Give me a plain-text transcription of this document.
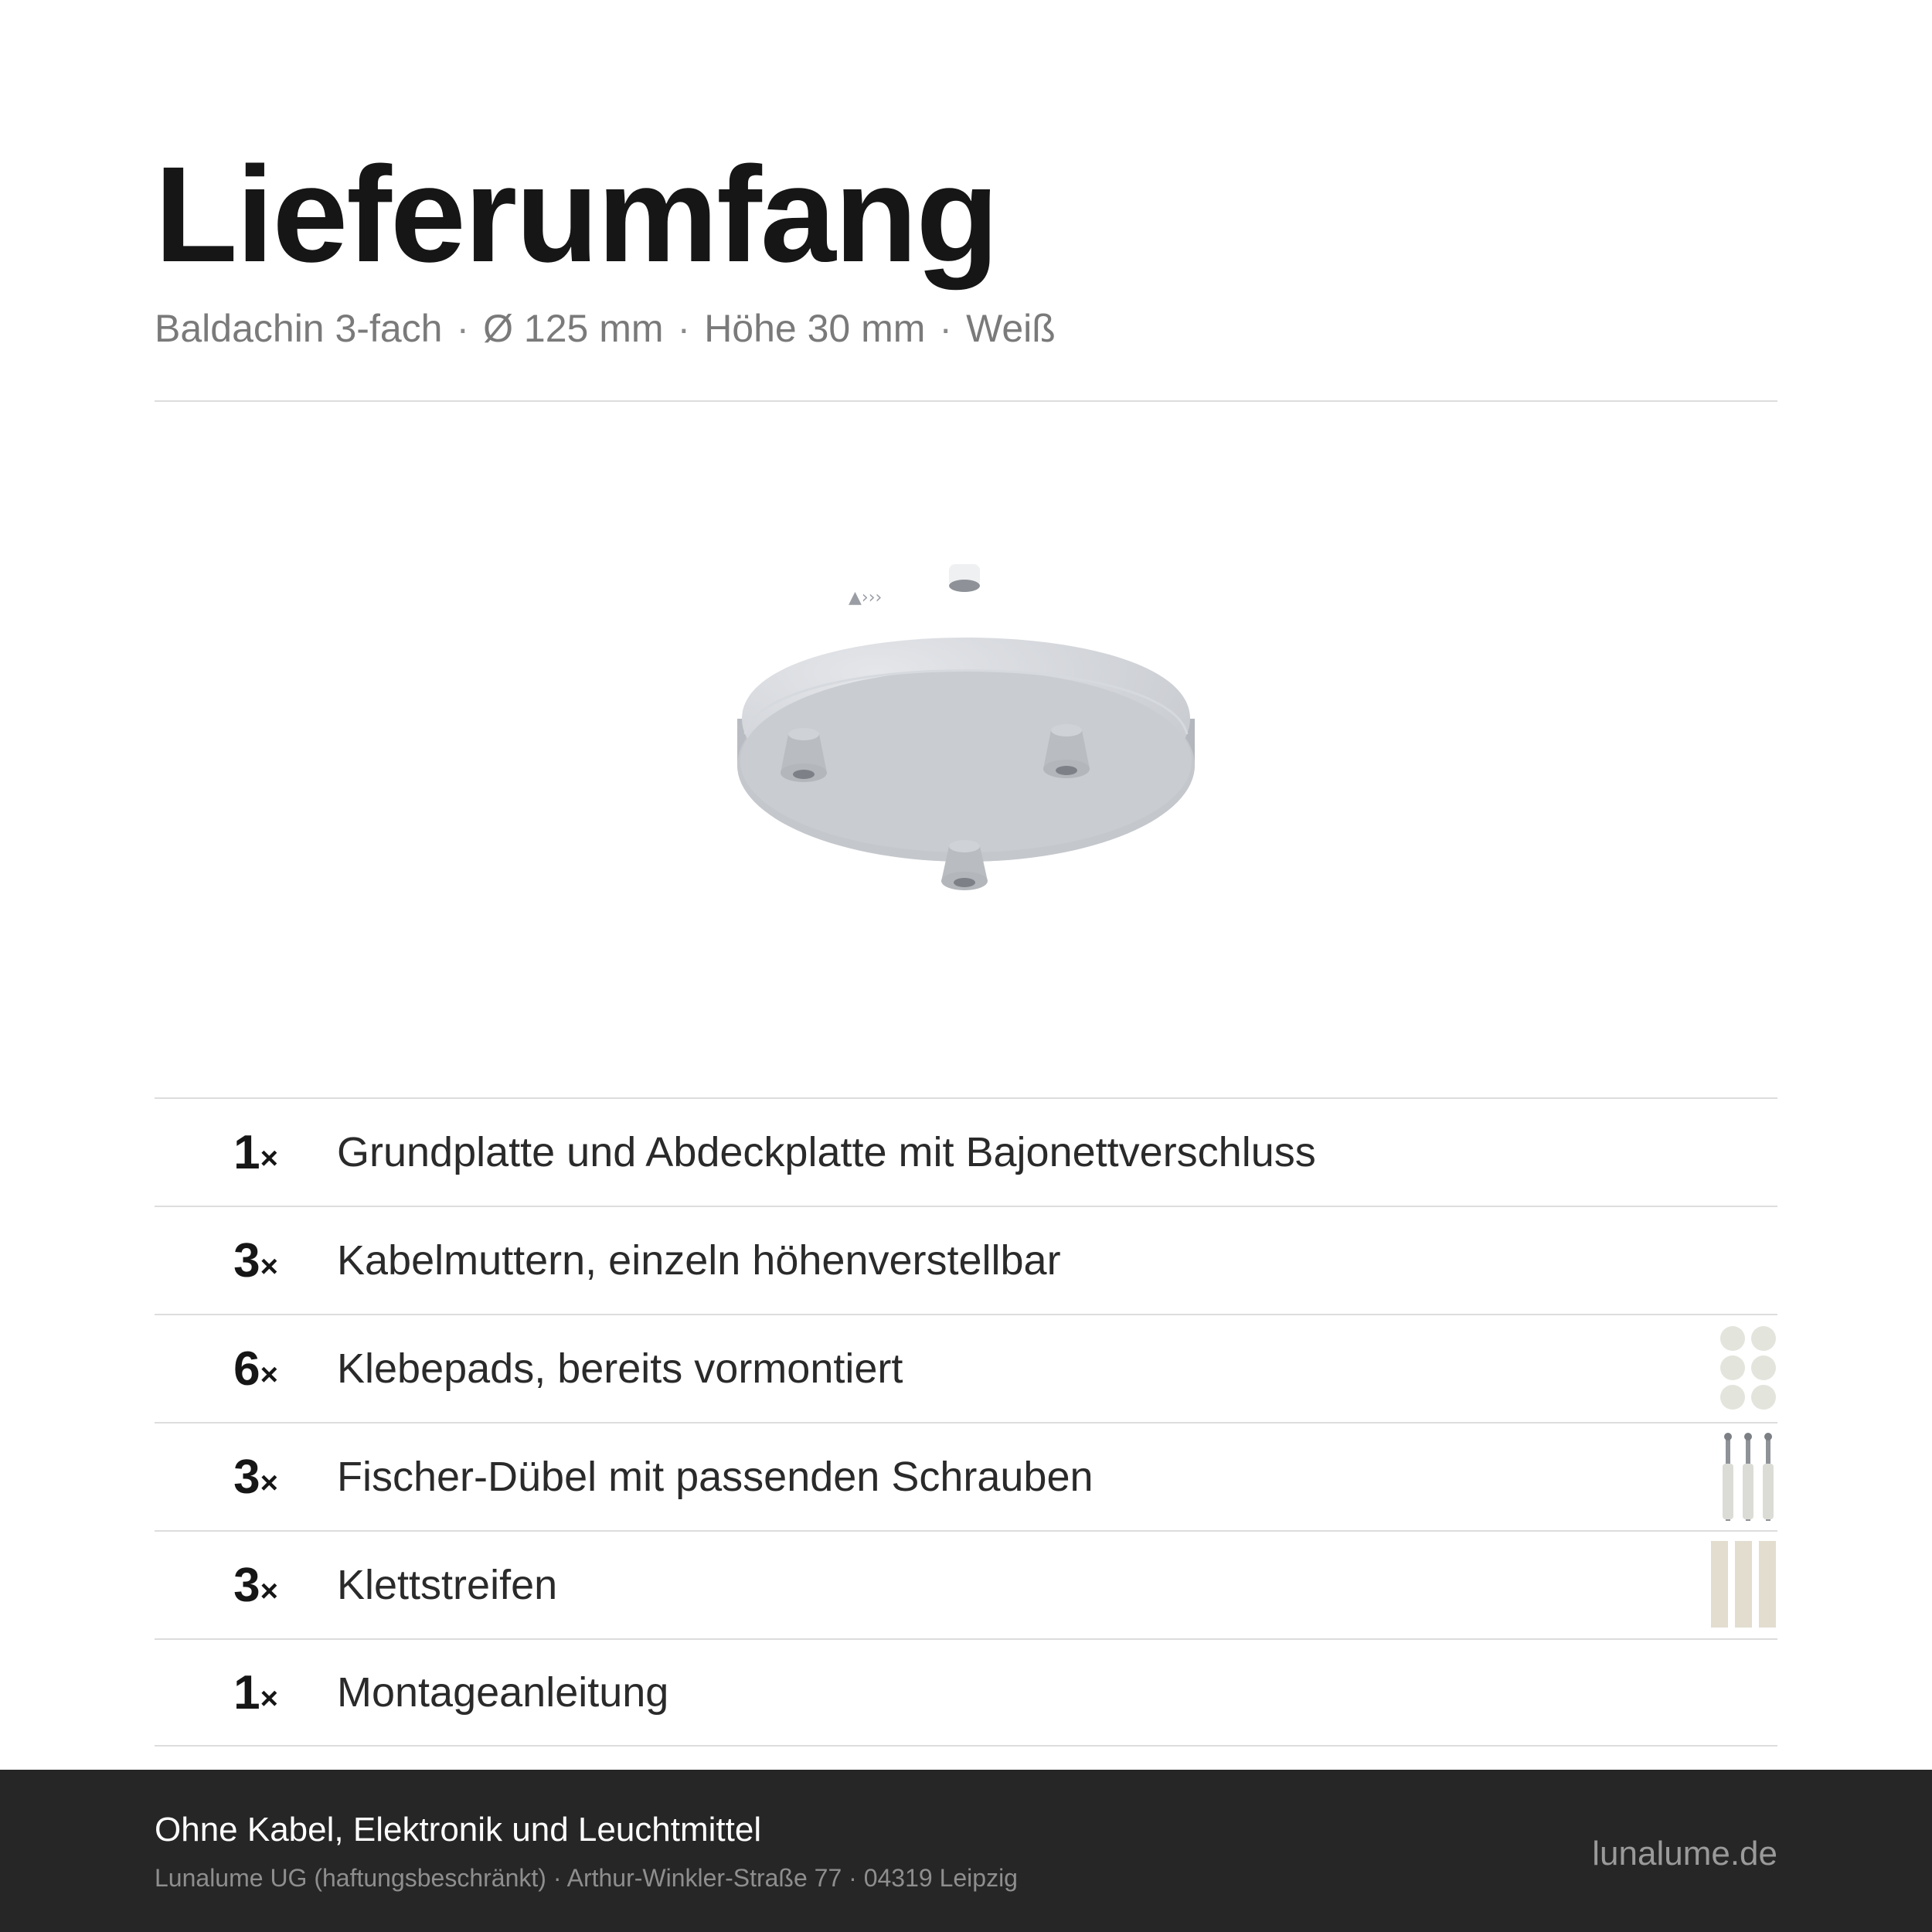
Lieferumfang
Baldachin 3-fach · Ø 125 mm · Höhe 30 mm · Weiß
▲›››
1× Grundplatte und Abdeckplatte mit Bajonettverschluss
3× Kabelmuttern, einzeln höhenverstellbar
6× Klebepads, bereits vormontiert
3× Fischer-Dübel mit passenden Schrauben
3× Klettstreifen
1× Montageanleitung
Ohne Kabel, Elektronik und Leuchtmittel
Lunalume UG (haftungsbeschränkt) · Arthur-Winkler-Straße 77 · 04319 Leipzig
lunalume.de
